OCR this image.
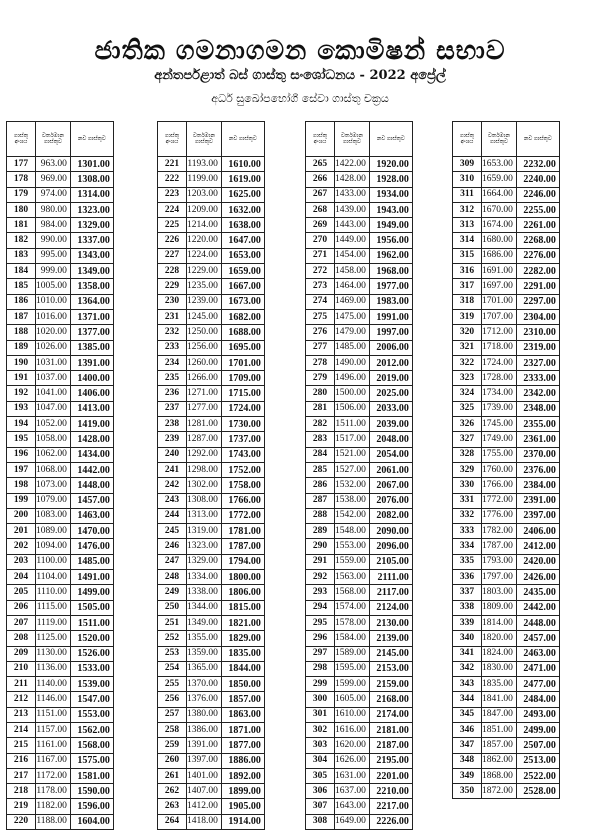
ජාතික ගමනාගමන කොමිෂන් සභාව
අන්තර්පළාත් බස් ගාස්තු සංශෝධනය - 2022 අප්‍රේල්
අර්ධ සුඛෝපභෝගී සේවා ගාස්තු චක්‍රය
ගාස්තු අංශය	වර්තමාන ගාස්තුව	නව ගාස්තුව
177	963.00	1301.00
178	969.00	1308.00
179	974.00	1314.00
180	980.00	1323.00
181	984.00	1329.00
182	990.00	1337.00
183	995.00	1343.00
184	999.00	1349.00
185	1005.00	1358.00
186	1010.00	1364.00
187	1016.00	1371.00
188	1020.00	1377.00
189	1026.00	1385.00
190	1031.00	1391.00
191	1037.00	1400.00
192	1041.00	1406.00
193	1047.00	1413.00
194	1052.00	1419.00
195	1058.00	1428.00
196	1062.00	1434.00
197	1068.00	1442.00
198	1073.00	1448.00
199	1079.00	1457.00
200	1083.00	1463.00
201	1089.00	1470.00
202	1094.00	1476.00
203	1100.00	1485.00
204	1104.00	1491.00
205	1110.00	1499.00
206	1115.00	1505.00
207	1119.00	1511.00
208	1125.00	1520.00
209	1130.00	1526.00
210	1136.00	1533.00
211	1140.00	1539.00
212	1146.00	1547.00
213	1151.00	1553.00
214	1157.00	1562.00
215	1161.00	1568.00
216	1167.00	1575.00
217	1172.00	1581.00
218	1178.00	1590.00
219	1182.00	1596.00
220	1188.00	1604.00
ගාස්තු අංශය	වර්තමාන ගාස්තුව	නව ගාස්තුව
221	1193.00	1610.00
222	1199.00	1619.00
223	1203.00	1625.00
224	1209.00	1632.00
225	1214.00	1638.00
226	1220.00	1647.00
227	1224.00	1653.00
228	1229.00	1659.00
229	1235.00	1667.00
230	1239.00	1673.00
231	1245.00	1682.00
232	1250.00	1688.00
233	1256.00	1695.00
234	1260.00	1701.00
235	1266.00	1709.00
236	1271.00	1715.00
237	1277.00	1724.00
238	1281.00	1730.00
239	1287.00	1737.00
240	1292.00	1743.00
241	1298.00	1752.00
242	1302.00	1758.00
243	1308.00	1766.00
244	1313.00	1772.00
245	1319.00	1781.00
246	1323.00	1787.00
247	1329.00	1794.00
248	1334.00	1800.00
249	1338.00	1806.00
250	1344.00	1815.00
251	1349.00	1821.00
252	1355.00	1829.00
253	1359.00	1835.00
254	1365.00	1844.00
255	1370.00	1850.00
256	1376.00	1857.00
257	1380.00	1863.00
258	1386.00	1871.00
259	1391.00	1877.00
260	1397.00	1886.00
261	1401.00	1892.00
262	1407.00	1899.00
263	1412.00	1905.00
264	1418.00	1914.00
ගාස්තු අංශය	වර්තමාන ගාස්තුව	නව ගාස්තුව
265	1422.00	1920.00
266	1428.00	1928.00
267	1433.00	1934.00
268	1439.00	1943.00
269	1443.00	1949.00
270	1449.00	1956.00
271	1454.00	1962.00
272	1458.00	1968.00
273	1464.00	1977.00
274	1469.00	1983.00
275	1475.00	1991.00
276	1479.00	1997.00
277	1485.00	2006.00
278	1490.00	2012.00
279	1496.00	2019.00
280	1500.00	2025.00
281	1506.00	2033.00
282	1511.00	2039.00
283	1517.00	2048.00
284	1521.00	2054.00
285	1527.00	2061.00
286	1532.00	2067.00
287	1538.00	2076.00
288	1542.00	2082.00
289	1548.00	2090.00
290	1553.00	2096.00
291	1559.00	2105.00
292	1563.00	2111.00
293	1568.00	2117.00
294	1574.00	2124.00
295	1578.00	2130.00
296	1584.00	2139.00
297	1589.00	2145.00
298	1595.00	2153.00
299	1599.00	2159.00
300	1605.00	2168.00
301	1610.00	2174.00
302	1616.00	2181.00
303	1620.00	2187.00
304	1626.00	2195.00
305	1631.00	2201.00
306	1637.00	2210.00
307	1643.00	2217.00
308	1649.00	2226.00
ගාස්තු අංශය	වර්තමාන ගාස්තුව	නව ගාස්තුව
309	1653.00	2232.00
310	1659.00	2240.00
311	1664.00	2246.00
312	1670.00	2255.00
313	1674.00	2261.00
314	1680.00	2268.00
315	1686.00	2276.00
316	1691.00	2282.00
317	1697.00	2291.00
318	1701.00	2297.00
319	1707.00	2304.00
320	1712.00	2310.00
321	1718.00	2319.00
322	1724.00	2327.00
323	1728.00	2333.00
324	1734.00	2342.00
325	1739.00	2348.00
326	1745.00	2355.00
327	1749.00	2361.00
328	1755.00	2370.00
329	1760.00	2376.00
330	1766.00	2384.00
331	1772.00	2391.00
332	1776.00	2397.00
333	1782.00	2406.00
334	1787.00	2412.00
335	1793.00	2420.00
336	1797.00	2426.00
337	1803.00	2435.00
338	1809.00	2442.00
339	1814.00	2448.00
340	1820.00	2457.00
341	1824.00	2463.00
342	1830.00	2471.00
343	1835.00	2477.00
344	1841.00	2484.00
345	1847.00	2493.00
346	1851.00	2499.00
347	1857.00	2507.00
348	1862.00	2513.00
349	1868.00	2522.00
350	1872.00	2528.00
